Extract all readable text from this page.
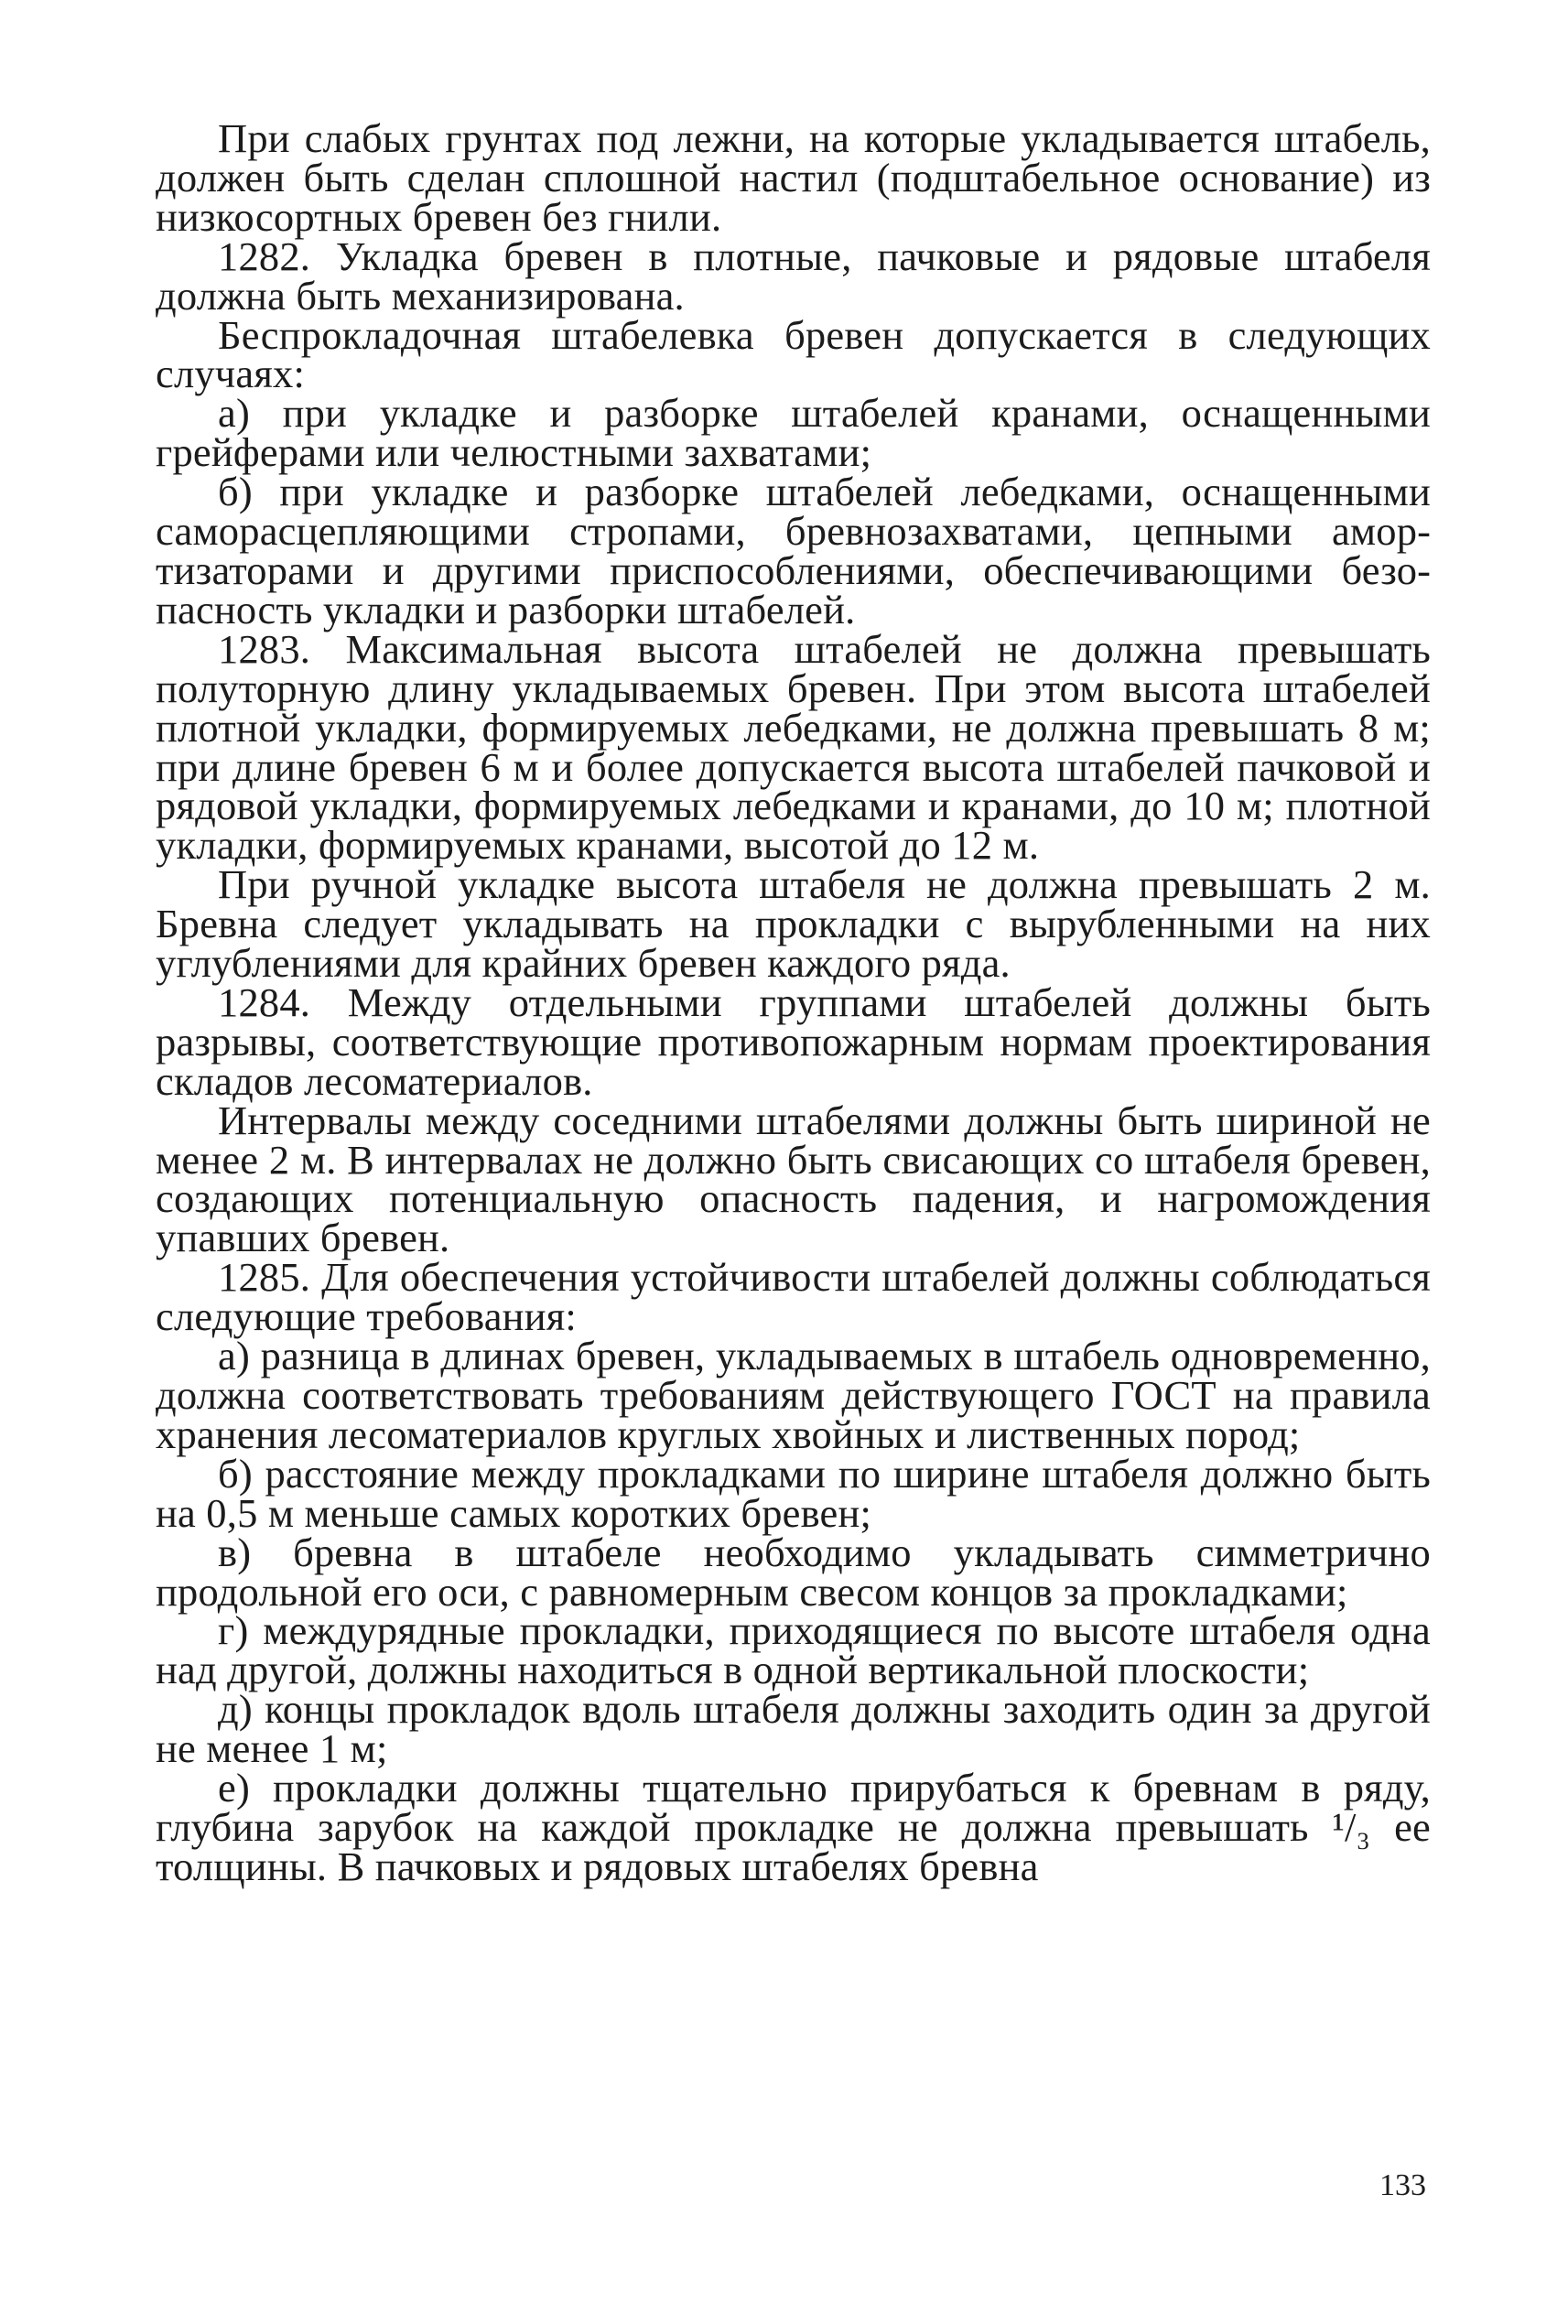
При слабых грунтах под лежни, на которые укладывается штабель, должен быть сделан сплошной настил (подштабельное основание) из низкосортных бревен без гнили.

1282. Укладка бревен в плотные, пачковые и рядовые штабеля должна быть механизирована.

Беспрокладочная штабелевка бревен допускается в следующих случаях:

а) при укладке и разборке штабелей кранами, оснащенными грейферами или челюстными захватами;

б) при укладке и разборке штабелей лебедками, оснащенными саморасцепляющими стропами, бревнозахватами, цепными амортизаторами и другими приспособлениями, обеспечивающими безопасность укладки и разборки штабелей.

1283. Максимальная высота штабелей не должна превышать полуторную длину укладываемых бревен. При этом высота штабелей плотной укладки, формируемых лебедками, не должна превышать 8 м; при длине бревен 6 м и более допускается высота штабелей пачковой и рядовой укладки, формируемых лебедками и кранами, до 10 м; плотной укладки, формируемых кранами, высотой до 12 м.

При ручной укладке высота штабеля не должна превышать 2 м. Бревна следует укладывать на прокладки с вырубленными на них углублениями для крайних бревен каждого ряда.

1284. Между отдельными группами штабелей должны быть разрывы, соответствующие противопожарным нормам проектирования складов лесоматериалов.

Интервалы между соседними штабелями должны быть шириной не менее 2 м. В интервалах не должно быть свисающих со штабеля бревен, создающих потенциальную опасность падения, и нагромождения упавших бревен.

1285. Для обеспечения устойчивости штабелей должны соблюдаться следующие требования:

а) разница в длинах бревен, укладываемых в штабель одновременно, должна соответствовать требованиям действующего ГОСТ на правила хранения лесоматериалов круглых хвойных и лиственных пород;

б) расстояние между прокладками по ширине штабеля должно быть на 0,5 м меньше самых коротких бревен;

в) бревна в штабеле необходимо укладывать симметрично продольной его оси, с равномерным свесом концов за прокладками;

г) междурядные прокладки, приходящиеся по высоте штабеля одна над другой, должны находиться в одной вертикальной плоскости;

д) концы прокладок вдоль штабеля должны заходить один за другой не менее 1 м;

е) прокладки должны тщательно прирубаться к бревнам в ряду, глубина зарубок на каждой прокладке не должна превышать ¹/₃ ее толщины. В пачковых и рядовых штабелях бревна

133
